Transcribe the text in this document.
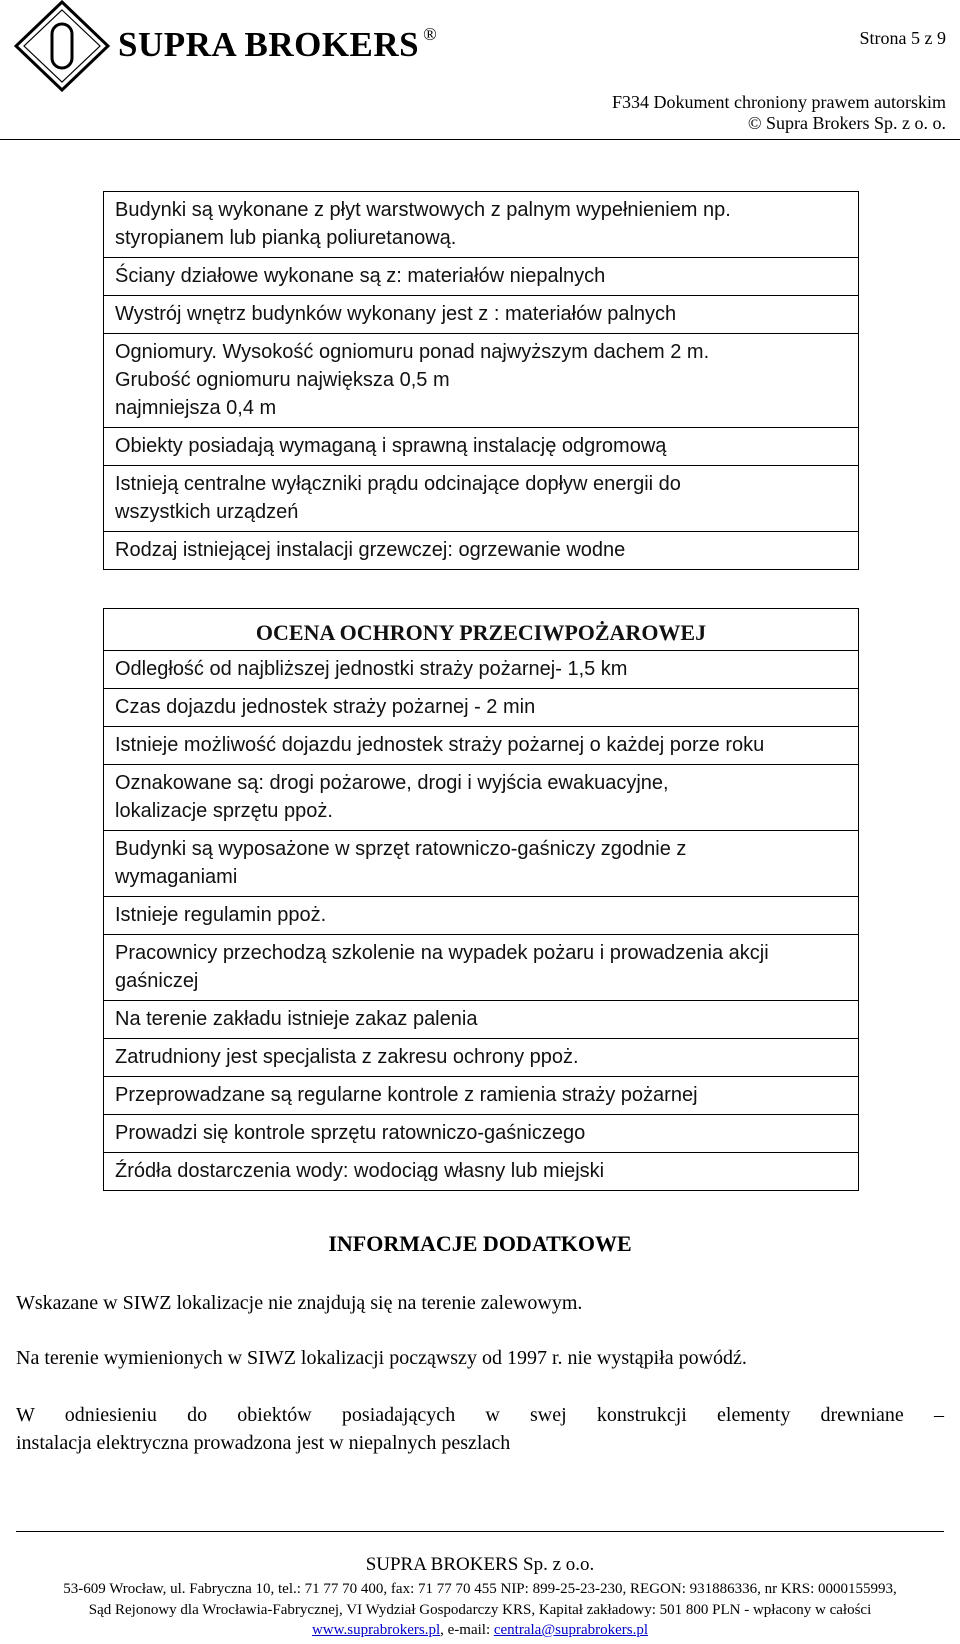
SUPRA BROKERS ®	Strona 5 z 9
F334 Dokument chroniony prawem autorskim
© Supra Brokers Sp. z o. o.
Budynki są wykonane z płyt warstwowych z palnym wypełnieniem np.
styropianem lub pianką poliuretanową.

Ściany działowe wykonane są z: materiałów niepalnych

Wystrój wnętrz budynków wykonany jest z : materiałów palnych

Ogniomury. Wysokość ogniomuru ponad najwyższym dachem 2 m.
Grubość ogniomuru największa 0,5 m
najmniejsza 0,4 m

Obiekty posiadają wymaganą i sprawną instalację odgromową

Istnieją centralne wyłączniki prądu odcinające dopływ energii do
wszystkich urządzeń

Rodzaj istniejącej instalacji grzewczej: ogrzewanie wodne
OCENA OCHRONY PRZECIWPOŻAROWEJ

Odległość od najbliższej jednostki straży pożarnej- 1,5 km

Czas dojazdu jednostek straży pożarnej - 2 min

Istnieje możliwość dojazdu jednostek straży pożarnej o każdej porze roku

Oznakowane są: drogi pożarowe, drogi i wyjścia ewakuacyjne,
lokalizacje sprzętu ppoż.

Budynki są wyposażone w sprzęt ratowniczo-gaśniczy zgodnie z
wymaganiami

Istnieje regulamin ppoż.

Pracownicy przechodzą szkolenie na wypadek pożaru i prowadzenia akcji
gaśniczej

Na terenie zakładu istnieje zakaz palenia

Zatrudniony jest specjalista z zakresu ochrony ppoż.

Przeprowadzane są regularne kontrole z ramienia straży pożarnej

Prowadzi się kontrole sprzętu ratowniczo-gaśniczego

Źródła dostarczenia wody: wodociąg własny lub miejski
INFORMACJE DODATKOWE
Wskazane w SIWZ lokalizacje nie znajdują się na terenie zalewowym.
Na terenie wymienionych w SIWZ lokalizacji począwszy od 1997 r. nie wystąpiła powódź.
W odniesieniu do obiektów posiadających w swej konstrukcji elementy drewniane –
instalacja elektryczna prowadzona jest w niepalnych peszlach
SUPRA BROKERS Sp. z o.o.
53-609 Wrocław, ul. Fabryczna 10, tel.: 71 77 70 400, fax: 71 77 70 455 NIP: 899-25-23-230, REGON: 931886336, nr KRS: 0000155993,
Sąd Rejonowy dla Wrocławia-Fabrycznej, VI Wydział Gospodarczy KRS, Kapitał zakładowy: 501 800 PLN - wpłacony w całości
www.suprabrokers.pl, e-mail: centrala@suprabrokers.pl
